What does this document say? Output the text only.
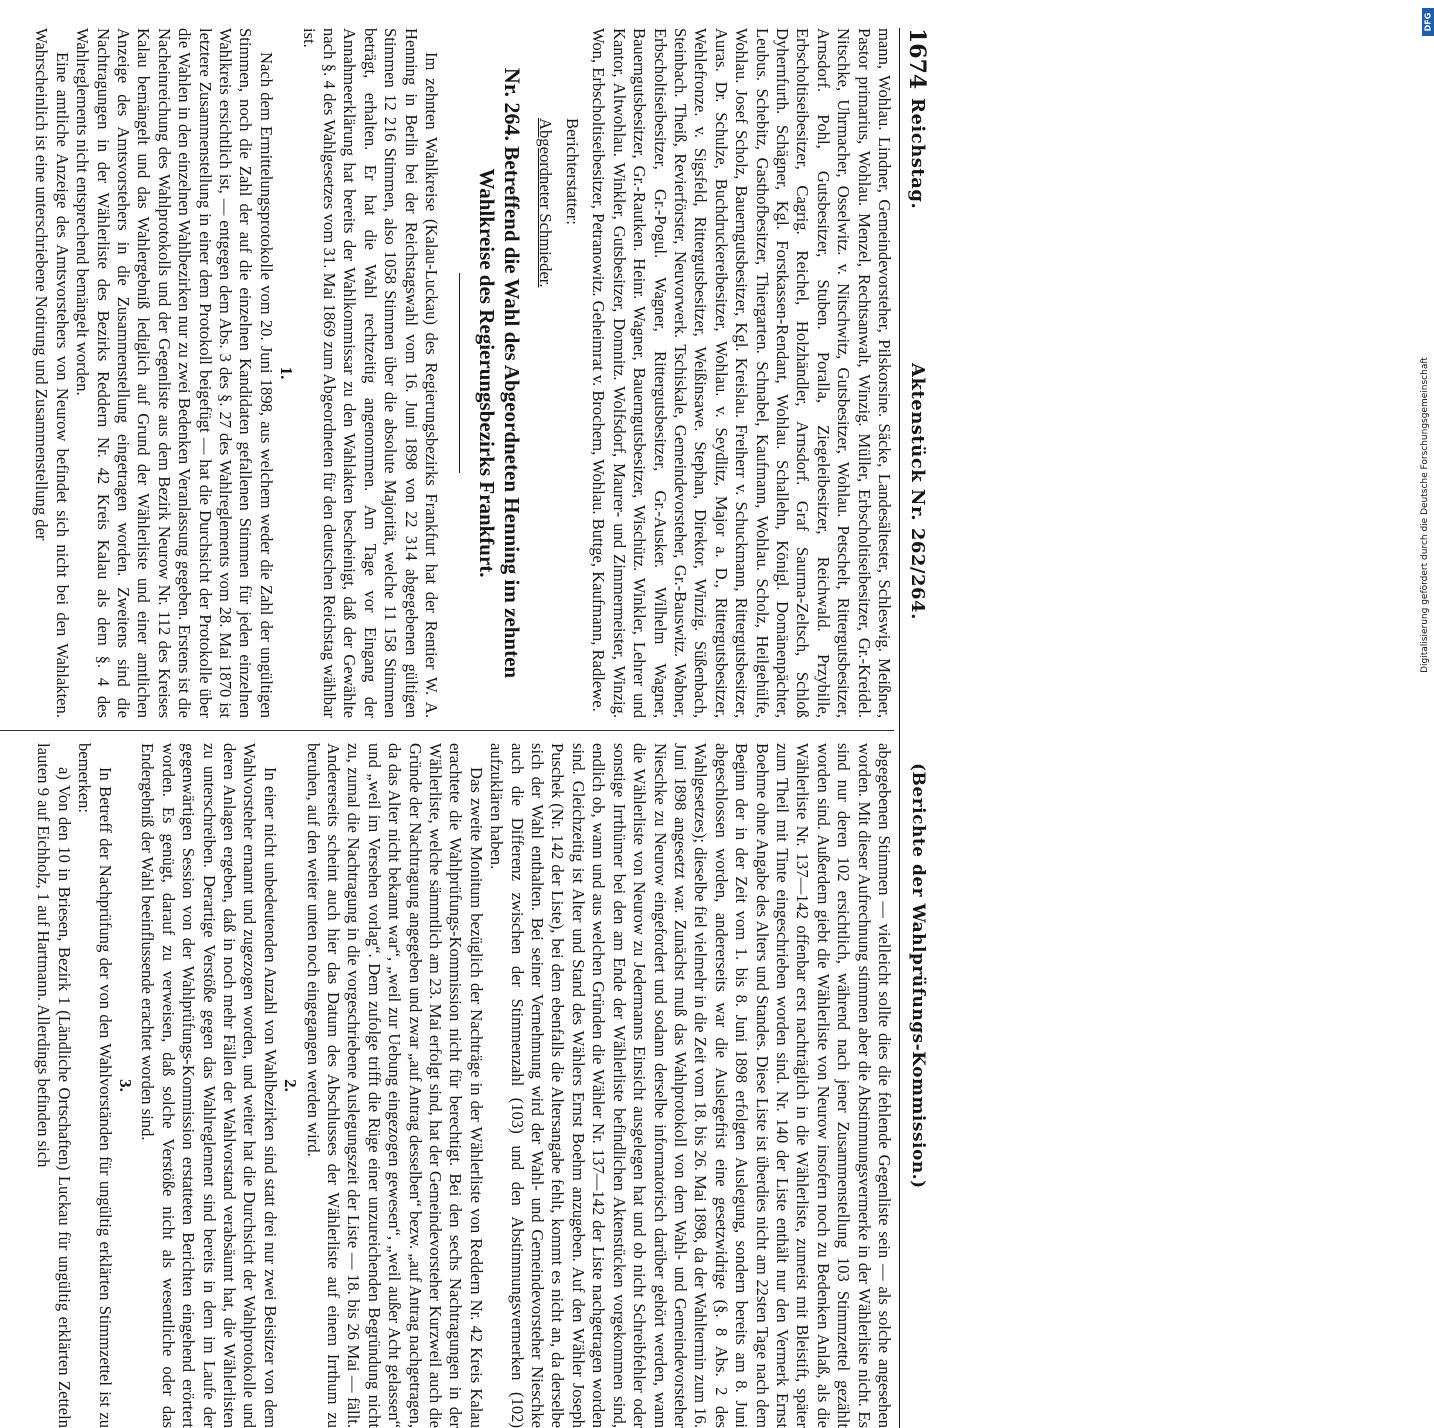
DFG
Digitalisierung gefördert durch die Deutsche Forschungsgemeinschaft
1674
Reichstag.
Aktenstück Nr. 262/264.
(Berichte der Wahlprüfungs-Kommission.)

mann, Wohlau. Lindner, Gemeindevorsteher, Pilskorsine. Säcke, Landesältester, Schleswig. Meißner, Pastor primarius, Wohlau. Menzel, Rechtsanwalt, Winzig. Müller, Erbscholtiseibesitzer, Gr.-Kreidel. Nitschke, Uhrmacher, Osselwitz. v. Nitschwitz, Gutsbesitzer, Wohlau. Petschelt, Rittergutsbesitzer, Arnsdorf. Pohl, Gutsbesitzer, Stuben. Poralla, Ziegeleibesitzer, Reichwald. Przybille, Erbscholtiseibesitzer, Cagrig. Reichel, Holzhändler, Arnsdorf. Graf Saurma-Zeltsch, Schloß Dyhernfurth. Schägner, Kgl. Forstkassen-Rendant, Wohlau. Schallehn, Königl. Domänenpächter, Leubus. Schebitz, Gasthofbesitzer, Thiergarten. Schnabel, Kaufmann, Wohlau. Scholz, Heilgehülfe, Wohlau. Josef Scholz, Bauerngutsbesitzer, Kgl. Kreislau. Freiherr v. Schuckmann, Rittergutsbesitzer, Auras. Dr. Schulze, Buchdruckereibesitzer, Wohlau. v. Seydlitz, Major a. D., Rittergutsbesitzer, Wehlefronze. v. Sigsfeld, Rittergutsbesitzer, Weißinsawe. Stephan, Direktor, Winzig. Süßenbach, Steinbach. Theiß, Revierförster, Neuvorwerk. Tschiskale, Gemeindevorsteher, Gr.-Bauswitz. Wabner, Erbscholtiseibesitzer, Gr.-Pogul. Wagner, Rittergutsbesitzer, Gr.-Ausker. Wilhelm Wagner, Bauerngutsbesitzer, Gr.-Rautken. Heinr. Wagner, Bauerngutsbesitzer, Wischütz. Winkler, Lehrer und Kantor, Altwohlau. Winkler, Gutsbesitzer, Domnitz. Wolfsdorf, Maurer- und Zimmermeister, Winzig. Won, Erbscholtiseibesitzer, Petranowitz. Geheimrat v. Brochem, Wohlau. Buttge, Kaufmann, Radlewe.

Berichterstatter:

Abgeordneter Schmieder.

Nr. 264. Betreffend die Wahl des Abgeordneten Henning im zehnten Wahlkreise des Regierungsbezirks Frankfurt.

Im zehnten Wahlkreise (Kalau-Luckau) des Regierungsbezirks Frankfurt hat der Rentier W. A. Henning in Berlin bei der Reichstagswahl vom 16. Juni 1898 von 22 314 abgegebenen gültigen Stimmen 12 216 Stimmen, also 1058 Stimmen über die absolute Majorität, welche 11 158 Stimmen beträgt, erhalten. Er hat die Wahl rechtzeitig angenommen. Am Tage vor Eingang der Annahmeerklärung hat bereits der Wahlkommissar zu den Wahlakten bescheinigt, daß der Gewählte nach §. 4 des Wahlgesetzes vom 31. Mai 1869 zum Abgeordneten für den deutschen Reichstag wählbar ist.

1.

Nach dem Ermittelungsprotokolle vom 20. Juni 1898, aus welchem weder die Zahl der ungültigen Stimmen, noch die Zahl der auf die einzelnen Kandidaten gefallenen Stimmen für jeden einzelnen Wahlkreis ersichtlich ist, — entgegen dem Abs. 3 des §. 27 des Wahlreglements vom 28. Mai 1870 ist letztere Zusammenstellung in einer dem Protokoll beigefügt — hat die Durchsicht der Protokolle über die Wahlen in den einzelnen Wahlbezirken nur zu zwei Bedenken Veranlassung gegeben. Erstens ist die Nacheinreichung des Wahlprotokolls und der Gegenliste aus dem Bezirk Neurow Nr. 112 des Kreises Kalau bemängelt und das Wahlergebniß lediglich auf Grund der Wählerliste und einer amtlichen Anzeige des Amtsvorstehers in die Zusammenstellung eingetragen worden. Zweitens sind die Nachtragungen in der Wählerliste des Bezirks Reddern Nr. 42 Kreis Kalau als dem §. 4 des Wahlreglements nicht entsprechend bemängelt worden.

Eine amtliche Anzeige des Amtsvorstehers von Neurow befindet sich nicht bei den Wahlakten. Wahrscheinlich ist eine unterschriebene Notirung und Zusammenstellung der

abgegebenen Stimmen — vielleicht sollte dies die fehlende Gegenliste sein — als solche angesehen worden. Mit dieser Aufrechnung stimmen aber die Abstimmungsvermerke in der Wählerliste nicht. Es sind nur deren 102 ersichtlich, während nach jener Zusammenstellung 103 Stimmzettel gezählt worden sind. Außerdem giebt die Wählerliste von Neurow insofern noch zu Bedenken Anlaß, als die Wählerliste Nr. 137—142 offenbar erst nachträglich in die Wählerliste, zumeist mit Bleistift, später zum Theil mit Tinte eingeschrieben worden sind. Nr. 140 der Liste enthält nur den Vermerk Ernst Boehme ohne Angabe des Alters und Standes. Diese Liste ist überdies nicht am 22sten Tage nach dem Beginn der in der Zeit vom 1. bis 8. Juni 1898 erfolgten Auslegung, sondern bereits am 8. Juni abgeschlossen worden, andererseits war die Auslegefrist eine gesetzwidrige (§. 8 Abs. 2 des Wahlgesetzes); dieselbe fiel vielmehr in die Zeit vom 18. bis 26. Mai 1898, da der Wahltermin zum 16. Juni 1898 angesetzt war. Zunächst muß das Wahlprotokoll von dem Wahl- und Gemeindevorsteher Nieschke zu Neurow eingefordert und sodann derselbe informatorisch darüber gehört werden, wann die Wählerliste von Neurow zu Jedermanns Einsicht ausgelegen hat und ob nicht Schreibfehler oder sonstige Irrthümer bei den am Ende der Wählerliste befindlichen Aktenstücken vorgekommen sind, endlich ob, wann und aus welchen Gründen die Wähler Nr. 137—142 der Liste nachgetragen worden sind. Gleichzeitig ist Alter und Stand des Wählers Ernst Boehm anzugeben. Auf den Wähler Joseph Puschek (Nr. 142 der Liste), bei dem ebenfalls die Altersangabe fehlt, kommt es nicht an, da derselbe sich der Wahl enthalten. Bei seiner Vernehmung wird der Wahl- und Gemeindevorsteher Nieschke auch die Differenz zwischen der Stimmenzahl (103) und den Abstimmungsvermerken (102) aufzuklären haben.

Das zweite Monitum bezüglich der Nachträge in der Wählerliste von Reddern Nr. 42 Kreis Kalau erachtete die Wahlprüfungs-Kommission nicht für berechtigt. Bei den sechs Nachtragungen in der Wählerliste, welche sämmtlich am 23. Mai erfolgt sind, hat der Gemeindevorsteher Kurzweil auch die Gründe der Nachtragung angegeben und zwar „auf Antrag desselben“ bezw. „auf Antrag nachgetragen, da das Alter nicht bekannt war“, „weil zur Uebung eingezogen gewesen“, „weil außer Acht gelassen“ und „weil im Versehen vorlag“. Dem zufolge trifft die Rüge einer unzureichenden Begründung nicht zu, zumal die Nachtragung in die vorgeschriebene Auslegungszeit der Liste — 18. bis 26 Mai — fällt. Andererseits scheint auch hier das Datum des Abschlusses der Wählerliste auf einem Irrthum zu beruhen, auf den weiter unten noch eingegangen werden wird.

2.

In einer nicht unbedeutenden Anzahl von Wahlbezirken sind statt drei nur zwei Beisitzer von dem Wahlvorsteher ernannt und zugezogen worden, und weiter hat die Durchsicht der Wahlprotokolle und deren Anlagen ergeben, daß in noch mehr Fällen der Wahlvorstand verabsäumt hat, die Wählerlisten zu unterschreiben. Derartige Verstöße gegen das Wahlreglement sind bereits in dem im Laufe der gegenwärtigen Session von der Wahlprüfungs-Kommission erstatteten Berichten eingehend erörtert worden. Es genügt, darauf zu verweisen, daß solche Verstöße nicht als wesentliche oder das Endergebniß der Wahl beeinflussende erachtet worden sind.

3.

In Betreff der Nachprüfung der von den Wahlvorständen für ungültig erklärten Stimmzettel ist zu bemerken:

a) Von den 10 in Briesen, Bezirk 1 (Ländliche Ortschaften) Luckau für ungültig erklärten Zetteln lauten 9 auf Eichholz, 1 auf Hartmann. Allerdings befinden sich
